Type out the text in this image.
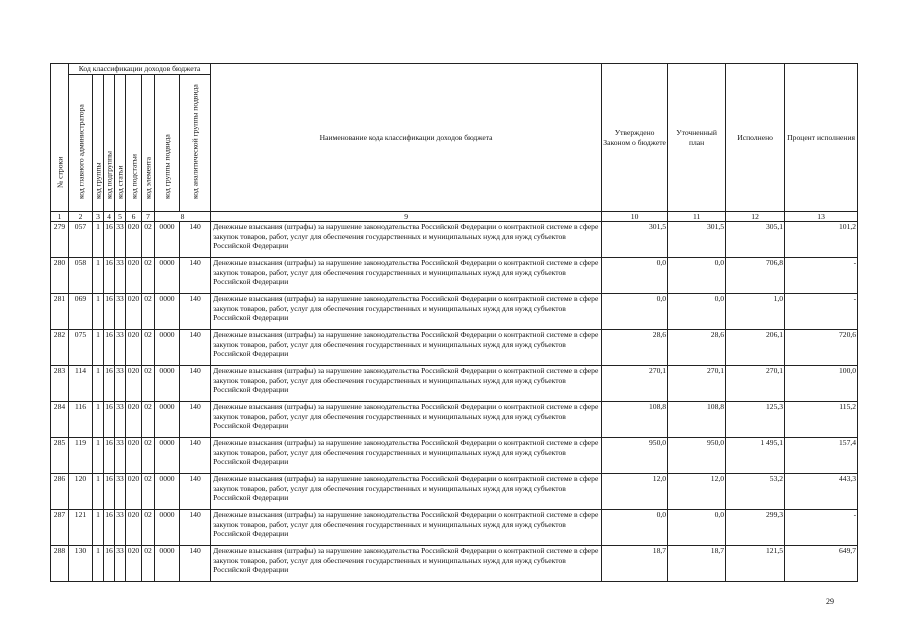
№ строки	Код классификации доходов бюджета								Наименование кода классификации доходов бюджета	Утверждено Законом о бюджете	Уточненный план	Исполнено	Процент исполнения

	код главного администратора	код группы	код подгруппы	код статьи	код подстатьи	код элемента	код группы подвида	код аналитической группы подвида					

1	2	3	4	5	6	7	8		9	10	11	12	13
279	057	1	16	33	020	02	0000	140	Денежные взыскания (штрафы) за нарушение законодательства Российской Федерации о контрактной системе в сфере закупок товаров, работ, услуг для обеспечения государственных и муниципальных нужд для нужд субъектов Российской Федерации	301,5	301,5	305,1	101,2
280	058	1	16	33	020	02	0000	140	Денежные взыскания (штрафы) за нарушение законодательства Российской Федерации о контрактной системе в сфере закупок товаров, работ, услуг для обеспечения государственных и муниципальных нужд для нужд субъектов Российской Федерации	0,0	0,0	706,8	-
281	069	1	16	33	020	02	0000	140	Денежные взыскания (штрафы) за нарушение законодательства Российской Федерации о контрактной системе в сфере закупок товаров, работ, услуг для обеспечения государственных и муниципальных нужд для нужд субъектов Российской Федерации	0,0	0,0	1,0	-
282	075	1	16	33	020	02	0000	140	Денежные взыскания (штрафы) за нарушение законодательства Российской Федерации о контрактной системе в сфере закупок товаров, работ, услуг для обеспечения государственных и муниципальных нужд для нужд субъектов Российской Федерации	28,6	28,6	206,1	720,6
283	114	1	16	33	020	02	0000	140	Денежные взыскания (штрафы) за нарушение законодательства Российской Федерации о контрактной системе в сфере закупок товаров, работ, услуг для обеспечения государственных и муниципальных нужд для нужд субъектов Российской Федерации	270,1	270,1	270,1	100,0
284	116	1	16	33	020	02	0000	140	Денежные взыскания (штрафы) за нарушение законодательства Российской Федерации о контрактной системе в сфере закупок товаров, работ, услуг для обеспечения государственных и муниципальных нужд для нужд субъектов Российской Федерации	108,8	108,8	125,3	115,2
285	119	1	16	33	020	02	0000	140	Денежные взыскания (штрафы) за нарушение законодательства Российской Федерации о контрактной системе в сфере закупок товаров, работ, услуг для обеспечения государственных и муниципальных нужд для нужд субъектов Российской Федерации	950,0	950,0	1 495,1	157,4
286	120	1	16	33	020	02	0000	140	Денежные взыскания (штрафы) за нарушение законодательства Российской Федерации о контрактной системе в сфере закупок товаров, работ, услуг для обеспечения государственных и муниципальных нужд для нужд субъектов Российской Федерации	12,0	12,0	53,2	443,3
287	121	1	16	33	020	02	0000	140	Денежные взыскания (штрафы) за нарушение законодательства Российской Федерации о контрактной системе в сфере закупок товаров, работ, услуг для обеспечения государственных и муниципальных нужд для нужд субъектов Российской Федерации	0,0	0,0	299,3	-
288	130	1	16	33	020	02	0000	140	Денежные взыскания (штрафы) за нарушение законодательства Российской Федерации о контрактной системе в сфере закупок товаров, работ, услуг для обеспечения государственных и муниципальных нужд для нужд субъектов Российской Федерации	18,7	18,7	121,5	649,7
29
